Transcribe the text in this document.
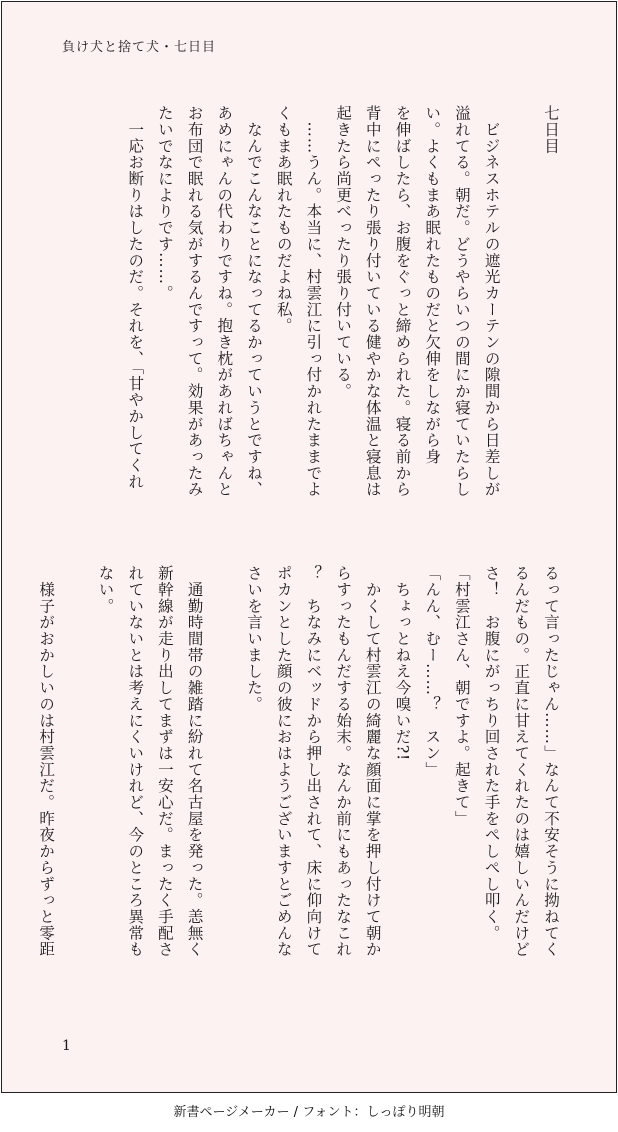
負け犬と捨て犬・七日目
七日目
　ビジネスホテルの遮光カーテンの隙間から日差しが
溢れてる。朝だ。どうやらいつの間にか寝ていたらし
い。よくもまあ眠れたものだと欠伸をしながら身
を伸ばしたら、お腹をぐっと締められた。寝る前から
背中にぺったり張り付いている健やかな体温と寝息は
起きたら尚更べったり張り付いている。
　……うん。本当に、村雲江に引っ付かれたままでよ
くもまあ眠れたものだよね私。
　なんでこんなことになってるかっていうとですね、
あめにゃんの代わりですね。抱き枕があればちゃんと
お布団で眠れる気がするんですって。効果があったみ
たいでなによりです……。
　一応お断りはしたのだ。それを、「甘やかしてくれ
るって言ったじゃん……」なんて不安そうに拗ねてく
るんだもの。正直に甘えてくれたのは嬉しいんだけど
さ！　お腹にがっちり回された手をぺしぺし叩く。
「村雲江さん、朝ですよ。起きて」
「んん、むー……？　スン」
　ちょっとねえ今嗅いだ?!
　かくして村雲江の綺麗な顔面に掌を押し付けて朝か
らすったもんだする始末。なんか前にもあったなこれ
？　ちなみにベッドから押し出されて、床に仰向けて
ポカンとした顔の彼におはようございますとごめんな
さいを言いました。
　通勤時間帯の雑踏に紛れて名古屋を発った。恙無く
新幹線が走り出してまずは一安心だ。まったく手配さ
れていないとは考えにくいけれど、今のところ異常も
ない。
　様子がおかしいのは村雲江だ。昨夜からずっと零距
1
新書ページメーカー / フォント：しっぽり明朝
